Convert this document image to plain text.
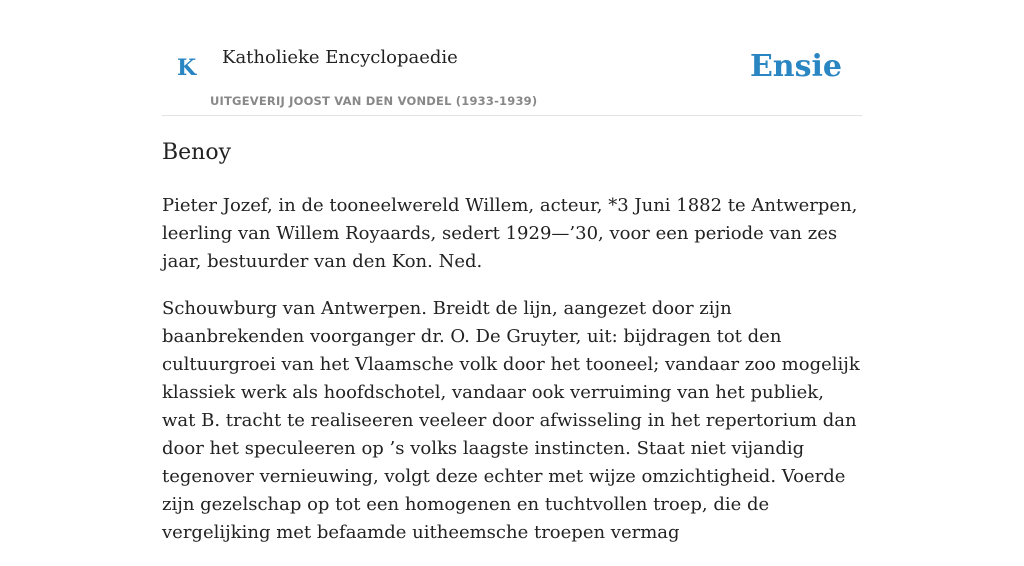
K Katholieke Encyclopaedie
UITGEVERIJ JOOST VAN DEN VONDEL (1933-1939)
Ensie
Benoy

Pieter Jozef, in de tooneelwereld Willem, acteur, *3 Juni 1882 te Antwerpen, leerling van Willem Royaards, sedert 1929—’30, voor een periode van zes jaar, bestuurder van den Kon. Ned.

Schouwburg van Antwerpen. Breidt de lijn, aangezet door zijn baanbrekenden voorganger dr. O. De Gruyter, uit: bijdragen tot den cultuurgroei van het Vlaamsche volk door het tooneel; vandaar zoo mogelijk klassiek werk als hoofdschotel, vandaar ook verruiming van het publiek, wat B. tracht te realiseeren veeleer door afwisseling in het repertorium dan door het speculeeren op ’s volks laagste instincten. Staat niet vijandig tegenover vernieuwing, volgt deze echter met wijze omzichtigheid. Voerde zijn gezelschap op tot een homogenen en tuchtvollen troep, die de vergelijking met befaamde uitheemsche troepen vermag
